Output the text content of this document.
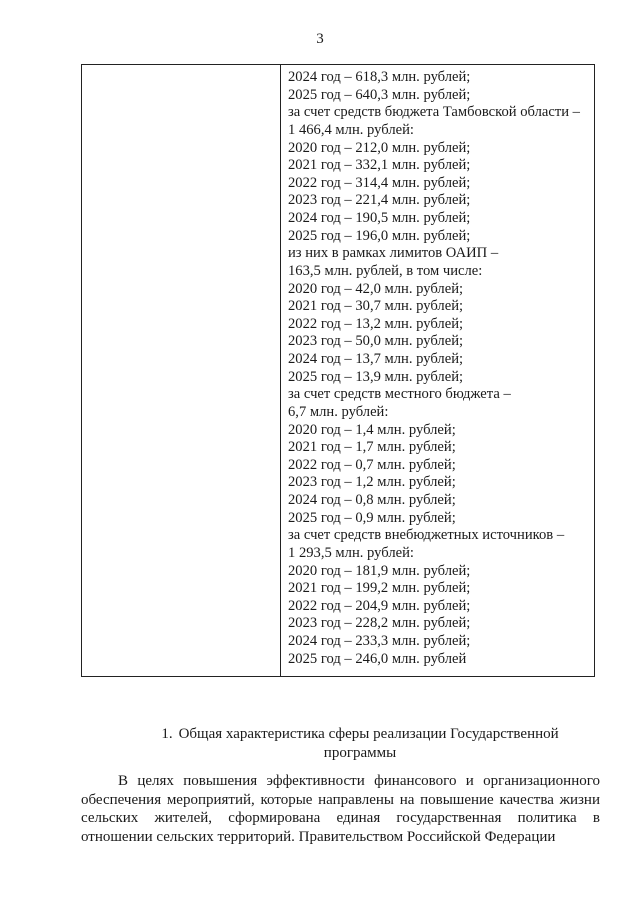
3
2024 год – 618,3 млн. рублей;
2025 год – 640,3 млн. рублей;
за счет средств бюджета Тамбовской области –
1 466,4 млн. рублей:
2020 год – 212,0 млн. рублей;
2021 год – 332,1 млн. рублей;
2022 год – 314,4 млн. рублей;
2023 год – 221,4 млн. рублей;
2024 год – 190,5 млн. рублей;
2025 год – 196,0 млн. рублей;
из них в рамках лимитов ОАИП –
163,5 млн. рублей, в том числе:
2020 год – 42,0 млн. рублей;
2021 год – 30,7 млн. рублей;
2022 год – 13,2 млн. рублей;
2023 год – 50,0 млн. рублей;
2024 год – 13,7 млн. рублей;
2025 год – 13,9 млн. рублей;
за счет средств местного бюджета –
6,7 млн. рублей:
2020 год – 1,4 млн. рублей;
2021 год – 1,7 млн. рублей;
2022 год – 0,7 млн. рублей;
2023 год – 1,2 млн. рублей;
2024 год – 0,8 млн. рублей;
2025 год – 0,9 млн. рублей;
за счет средств внебюджетных источников –
1 293,5 млн. рублей:
2020 год – 181,9 млн. рублей;
2021 год – 199,2 млн. рублей;
2022 год – 204,9 млн. рублей;
2023 год – 228,2 млн. рублей;
2024 год – 233,3 млн. рублей;
2025 год – 246,0 млн. рублей
1. Общая характеристика сферы реализации Государственной
программы

В целях повышения эффективности финансового и организационного обеспечения мероприятий, которые направлены на повышение качества жизни сельских жителей, сформирована единая государственная политика в отношении сельских территорий. Правительством Российской Федерации
